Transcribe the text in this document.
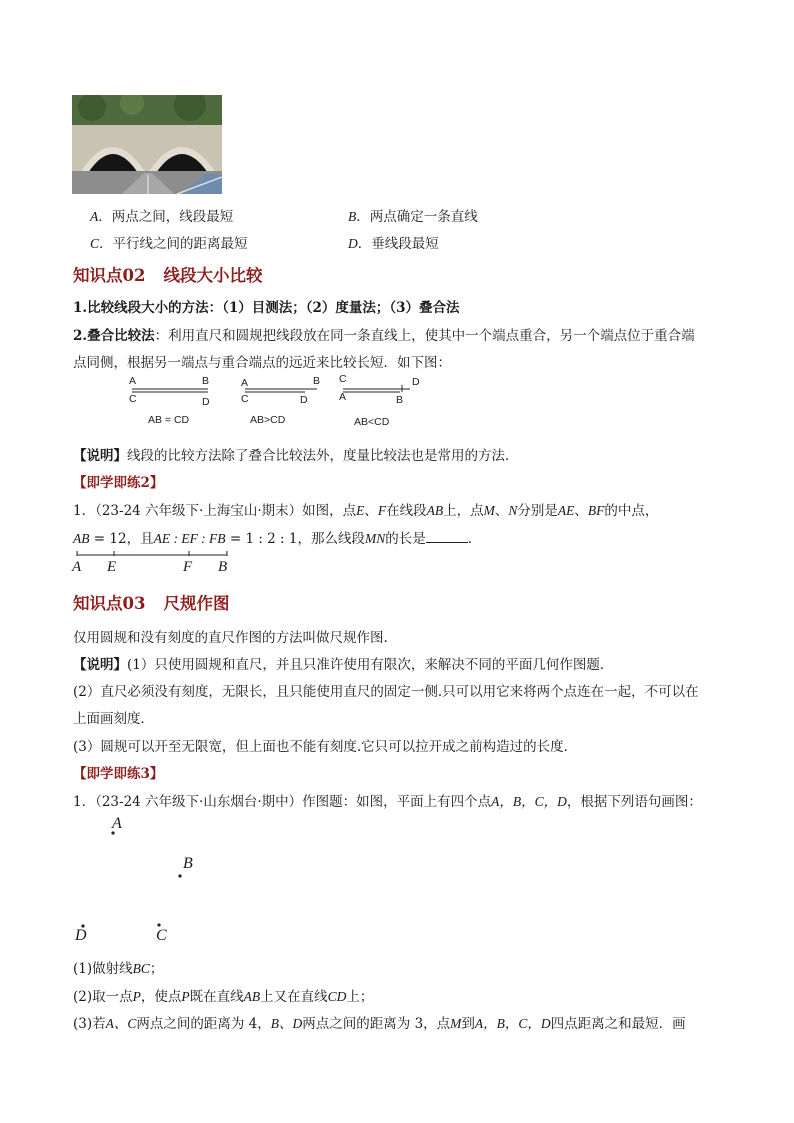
A．两点之间，线段最短	B．两点确定一条直线
C．平行线之间的距离最短	D．垂线段最短
知识点02 线段大小比较
1.比较线段大小的方法：（1）目测法；（2）度量法；（3）叠合法
2.叠合比较法：利用直尺和圆规把线段放在同一条直线上，使其中一个端点重合，另一个端点位于重合端
点同侧，根据另一端点与重合端点的远近来比较长短．如下图：
A	B
C	D
AB = CD
A	B
C	D
AB>CD
C	D
A	B
AB<CD
【说明】线段的比较方法除了叠合比较法外，度量比较法也是常用的方法．
【即学即练2】
1．（23-24 六年级下·上海宝山·期末）如图，点E、F在线段AB上，点M、N分别是AE、BF的中点，
AB = 12，且AE : EF : FB = 1 : 2 : 1，那么线段MN的长是	．
A E	F B
知识点03 尺规作图
仅用圆规和没有刻度的直尺作图的方法叫做尺规作图.
【说明】(1）只使用圆规和直尺，并且只准许使用有限次，来解决不同的平面几何作图题．
(2）直尺必须没有刻度，无限长，且只能使用直尺的固定一侧.只可以用它来将两个点连在一起，不可以在
上面画刻度．
(3）圆规可以开至无限宽，但上面也不能有刻度.它只可以拉开成之前构造过的长度．
【即学即练3】
1．（23-24 六年级下·山东烟台·期中）作图题：如图，平面上有四个点A，B，C，D，根据下列语句画图：
A
B
D	C
(1)做射线BC；
(2)取一点P，使点P既在直线AB上又在直线CD上；
(3)若A、C两点之间的距离为 4，B、D两点之间的距离为 3，点M到A，B，C，D四点距离之和最短．画
